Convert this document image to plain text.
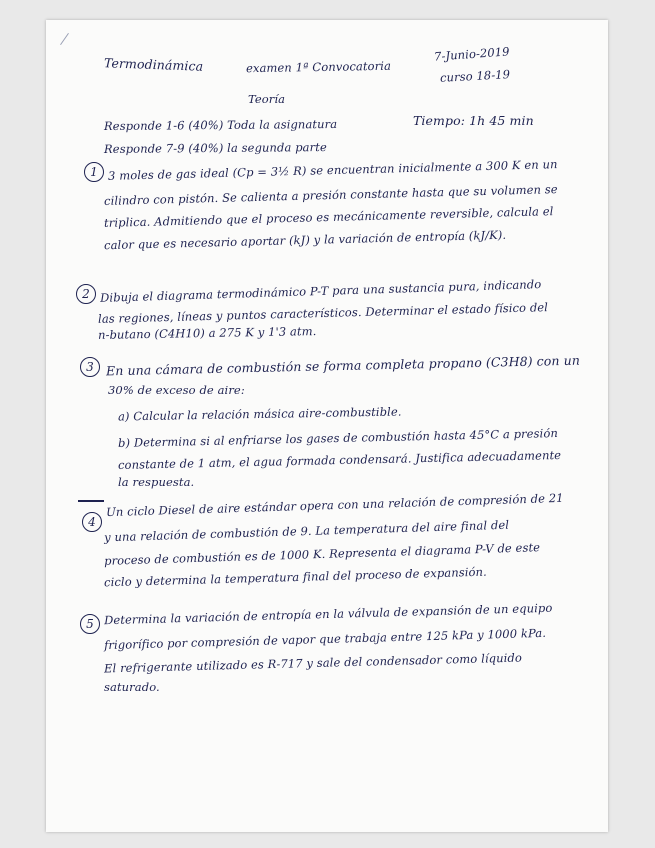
Termodinámica	examen 1ª Convocatoria
7-Junio-2019
curso 18-19
Teoría
Responde 1-6 (40%) Toda la asignatura	Tiempo: 1h 45 min
Responde 7-9 (40%) la segunda parte
1 3 moles de gas ideal (Cp = 3½ R) se encuentran inicialmente a 300 K en un
cilindro con pistón. Se calienta a presión constante hasta que su volumen se
triplica. Admitiendo que el proceso es mecánicamente reversible, calcula el
calor que es necesario aportar (kJ) y la variación de entropía (kJ/K).
2 Dibuja el diagrama termodinámico P-T para una sustancia pura, indicando
las regiones, líneas y puntos característicos. Determinar el estado físico del
n-butano (C4H10) a 275 K y 1'3 atm.
3 En una cámara de combustión se forma completa propano (C3H8) con un
30% de exceso de aire:
a) Calcular la relación másica aire-combustible.
b) Determina si al enfriarse los gases de combustión hasta 45°C a presión
constante de 1 atm, el agua formada condensará. Justifica adecuadamente
la respuesta.
4
Un ciclo Diesel de aire estándar opera con una relación de compresión de 21
y una relación de combustión de 9. La temperatura del aire final del
proceso de combustión es de 1000 K. Representa el diagrama P-V de este
ciclo y determina la temperatura final del proceso de expansión.
5 Determina la variación de entropía en la válvula de expansión de un equipo
frigorífico por compresión de vapor que trabaja entre 125 kPa y 1000 kPa.
El refrigerante utilizado es R-717 y sale del condensador como líquido
saturado.
